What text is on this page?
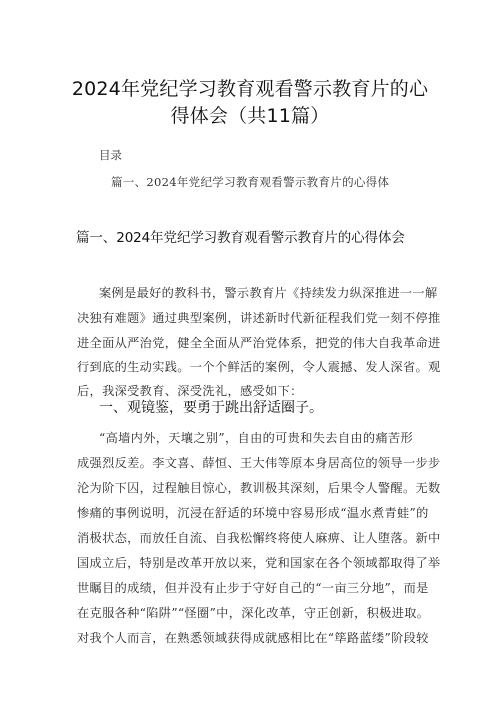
2024年党纪学习教育观看警示教育片的心
得体会（共11篇）
目录
篇一、2024年党纪学习教育观看警示教育片的心得体
篇一、2024年党纪学习教育观看警示教育片的心得体会
案例是最好的教科书，警示教育片《持续发力纵深推进一一解
决独有难题》通过典型案例，讲述新时代新征程我们党一刻不停推
进全面从严治党，健全全面从严治党体系，把党的伟大自我革命进
行到底的生动实践。一个个鲜活的案例，令人震撼、发人深省。观
后，我深受教育、深受洗礼，感受如下：
一、观镜鉴，要勇于跳出舒适圈子。
“高墙内外，天壤之别”，自由的可贵和失去自由的痛苦形
成强烈反差。李文喜、薛恒、王大伟等原本身居高位的领导一步步
沦为阶下囚，过程触目惊心，教训极其深刻，后果令人警醒。无数
惨痛的事例说明，沉浸在舒适的环境中容易形成“温水煮青蛙”的
消极状态，而放任自流、自我松懈终将使人麻痹、让人堕落。新中
国成立后，特别是改革开放以来，党和国家在各个领域都取得了举
世瞩目的成绩，但并没有止步于守好自己的“一亩三分地”，而是
在克服各种“陷阱”“怪圈”中，深化改革，守正创新，积极进取。
对我个人而言，在熟悉领域获得成就感相比在“筚路蓝缕”阶段较
